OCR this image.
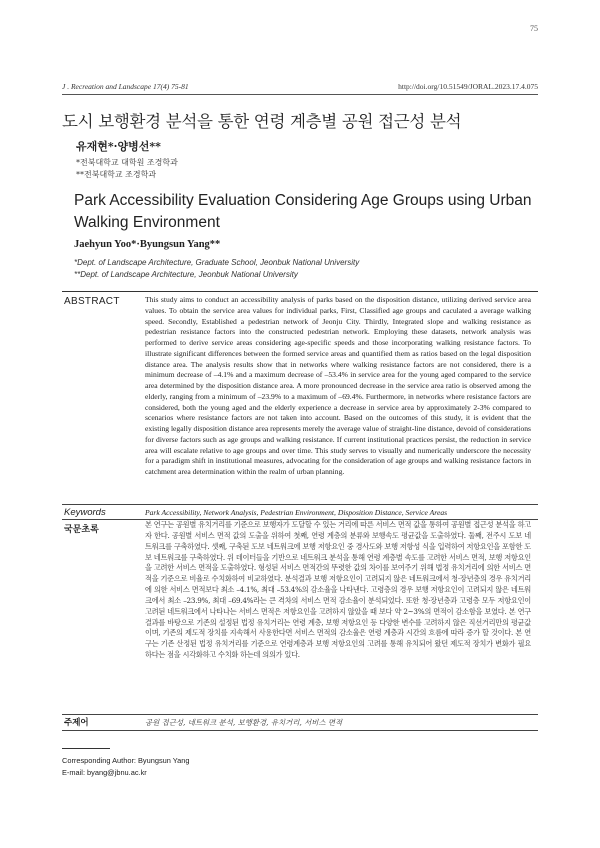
75
J . Recreation and Landscape 17(4) 75-81	http://doi.org/10.51549/JORAL.2023.17.4.075
도시 보행환경 분석을 통한 연령 계층별 공원 접근성 분석
유재현*·양병선**
*전북대학교 대학원 조경학과
**전북대학교 조경학과
Park Accessibility Evaluation Considering Age Groups using Urban Walking Environment
Jaehyun Yoo*·Byungsun Yang**
*Dept. of Landscape Architecture, Graduate School, Jeonbuk National University
**Dept. of Landscape Architecture, Jeonbuk National University
ABSTRACT	This study aims to conduct an accessibility analysis of parks based on the disposition distance, utilizing derived service area values. To obtain the service area values for individual parks, First, Classified age groups and caculated a average walking speed. Secondly, Established a pedestrian network of Jeonju City. Thirdly, Integrated slope and walking resistance as pedestrian resistance factors into the constructed pedestrian network. Employing these datasets, network analysis was performed to derive service areas considering age-specific speeds and those incorporating walking resistance factors. To illustrate significant differences between the formed service areas and quantified them as ratios based on the legal disposition distance area. The analysis results show that in networks where walking resistance factors are not considered, there is a minimum decrease of –4.1% and a maximum decrease of –53.4% in service area for the young aged compared to the service area determined by the disposition distance area. A more pronounced decrease in the service area ratio is observed among the elderly, ranging from a minimum of –23.9% to a maximum of –69.4%. Furthermore, in networks where resistance factors are considered, both the young aged and the elderly experience a decrease in service area by approximately 2-3% compared to scenarios where resistance factors are not taken into account. Based on the outcomes of this study, it is evident that the existing legally disposition distance area represents merely the average value of straight-line distance, devoid of considerations for diverse factors such as age groups and walking resistance. If current institutional practices persist, the reduction in service area will escalate relative to age groups and over time. This study serves to visually and numerically underscore the necessity for a paradigm shift in institutional measures, advocating for the consideration of age groups and walking resistance factors in catchment area determination within the realm of urban planning.
Keywords	Park Accessibility, Network Analysis, Pedestrian Environment, Disposition Distance, Service Areas
국문초록
본 연구는 공원별 유치거리를 기준으로 보행자가 도달할 수 있는 거리에 따른 서비스 면적 값을 통하여 공원별 접근성 분석을 하고자 한다. 공원별 서비스 면적 값의 도출을 위하여 첫째, 연령 계층의 분류와 보행속도 평균값을 도출하였다. 둘째, 전주시 도보 네트워크를 구축하였다. 셋째, 구축된 도보 네트워크에 보행 저항요인 중 경사도와 보행 저항성 식을 입력하여 저항요인을 포함한 도보 네트워크를 구축하였다. 위 데이터들을 기반으로 네트워크 분석을 통해 연령 계층별 속도를 고려한 서비스 면적, 보행 저항요인을 고려한 서비스 면적을 도출하였다. 형성된 서비스 면적간의 뚜렷한 값의 차이를 보여주기 위해 법정 유치거리에 의한 서비스 면적을 기준으로 비율로 수치화하여 비교하였다. 분석결과 보행 저항요인이 고려되지 않은 네트워크에서 청·장년층의 경우 유치거리에 의한 서비스 면적보다 최소 –4.1%, 최대 –53.4%의 감소율을 나타낸다. 고령층의 경우 보행 저항요인이 고려되지 않은 네트워크에서 최소 –23.9%, 최대 –69.4%라는 큰 격차의 서비스 면적 감소율이 분석되었다. 또한 청·장년층과 고령층 모두 저항요인이 고려된 네트워크에서 나타나는 서비스 면적은 저항요인을 고려하지 않았을 때 보다 약 2~3%의 면적이 감소함을 보였다. 본 연구결과를 바탕으로 기존의 설정된 법정 유치거리는 연령 계층, 보행 저항요인 등 다양한 변수를 고려하지 않은 직선거리만의 평균값이며, 기존의 제도적 장치를 지속해서 사용한다면 서비스 면적의 감소율은 연령 계층과 시간의 흐름에 따라 증가 할 것이다. 본 연구는 기존 산정된 법정 유치거리를 기준으로 연령계층과 보행 저항요인의 고려를 통해 유치되어 왔던 제도적 장치가 변화가 필요하다는 점을 시각화하고 수치화 하는데 의의가 있다.
주제어	공원 접근성, 네트워크 분석, 보행환경, 유치거리, 서비스 면적
Corresponding Author: Byungsun Yang
E-mail: byang@jbnu.ac.kr
